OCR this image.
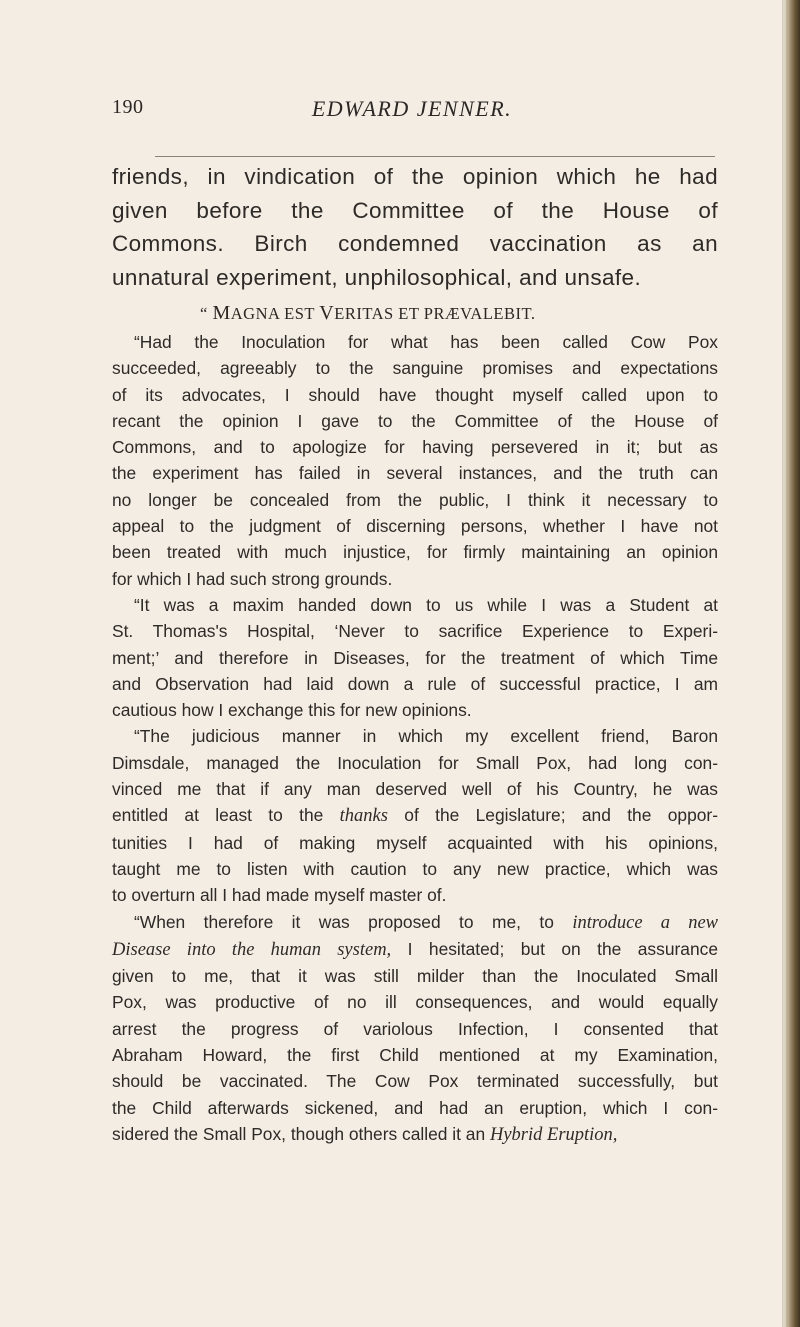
190	EDWARD JENNER.

friends, in vindication of the opinion which he had
given before the Committee of the House of
Commons. Birch condemned vaccination as an
unnatural experiment, unphilosophical, and unsafe.

“ MAGNA EST VERITAS ET PRÆVALEBIT.

“Had the Inoculation for what has been called Cow Pox
succeeded, agreeably to the sanguine promises and expectations
of its advocates, I should have thought myself called upon to
recant the opinion I gave to the Committee of the House of
Commons, and to apologize for having persevered in it; but as
the experiment has failed in several instances, and the truth can
no longer be concealed from the public, I think it necessary to
appeal to the judgment of discerning persons, whether I have not
been treated with much injustice, for firmly maintaining an opinion
for which I had such strong grounds.

“It was a maxim handed down to us while I was a Student at
St. Thomas's Hospital, ‘Never to sacrifice Experience to Experi-
ment;’ and therefore in Diseases, for the treatment of which Time
and Observation had laid down a rule of successful practice, I am
cautious how I exchange this for new opinions.

“The judicious manner in which my excellent friend, Baron
Dimsdale, managed the Inoculation for Small Pox, had long con-
vinced me that if any man deserved well of his Country, he was
entitled at least to the thanks of the Legislature; and the oppor-
tunities I had of making myself acquainted with his opinions,
taught me to listen with caution to any new practice, which was
to overturn all I had made myself master of.

“When therefore it was proposed to me, to introduce a new
Disease into the human system, I hesitated; but on the assurance
given to me, that it was still milder than the Inoculated Small
Pox, was productive of no ill consequences, and would equally
arrest the progress of variolous Infection, I consented that
Abraham Howard, the first Child mentioned at my Examination,
should be vaccinated. The Cow Pox terminated successfully, but
the Child afterwards sickened, and had an eruption, which I con-
sidered the Small Pox, though others called it an Hybrid Eruption,
